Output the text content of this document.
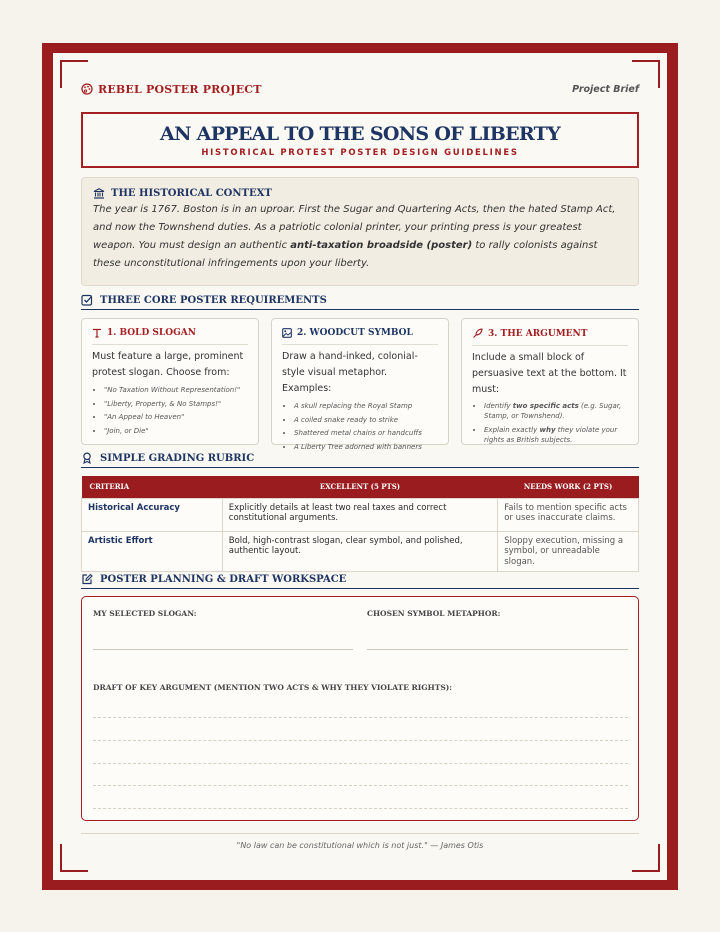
REBEL POSTER PROJECT	Project Brief
AN APPEAL TO THE SONS OF LIBERTY
HISTORICAL PROTEST POSTER DESIGN GUIDELINES
THE HISTORICAL CONTEXT
The year is 1767. Boston is in an uproar. First the Sugar and Quartering Acts, then the hated Stamp Act, and now the Townshend duties. As a patriotic colonial printer, your printing press is your greatest weapon. You must design an authentic anti-taxation broadside (poster) to rally colonists against these unconstitutional infringements upon your liberty.
THREE CORE POSTER REQUIREMENTS
1. BOLD SLOGAN
Must feature a large, prominent protest slogan. Choose from:
• "No Taxation Without Representation!"
• "Liberty, Property, & No Stamps!"
• "An Appeal to Heaven"
• "Join, or Die"
2. WOODCUT SYMBOL
Draw a hand-inked, colonial-style visual metaphor. Examples:
• A skull replacing the Royal Stamp
• A coiled snake ready to strike
• Shattered metal chains or handcuffs
• A Liberty Tree adorned with banners
3. THE ARGUMENT
Include a small block of persuasive text at the bottom. It must:
• Identify two specific acts (e.g. Sugar, Stamp, or Townshend).
• Explain exactly why they violate your rights as British subjects.
SIMPLE GRADING RUBRIC
CRITERIA	EXCELLENT (5 PTS)	NEEDS WORK (2 PTS)
Historical Accuracy	Explicitly details at least two real taxes and correct constitutional arguments.	Fails to mention specific acts or uses inaccurate claims.
Artistic Effort	Bold, high-contrast slogan, clear symbol, and polished, authentic layout.	Sloppy execution, missing a symbol, or unreadable slogan.
POSTER PLANNING & DRAFT WORKSPACE
MY SELECTED SLOGAN:	CHOSEN SYMBOL METAPHOR:
DRAFT OF KEY ARGUMENT (MENTION TWO ACTS & WHY THEY VIOLATE RIGHTS):
"No law can be constitutional which is not just." — James Otis
